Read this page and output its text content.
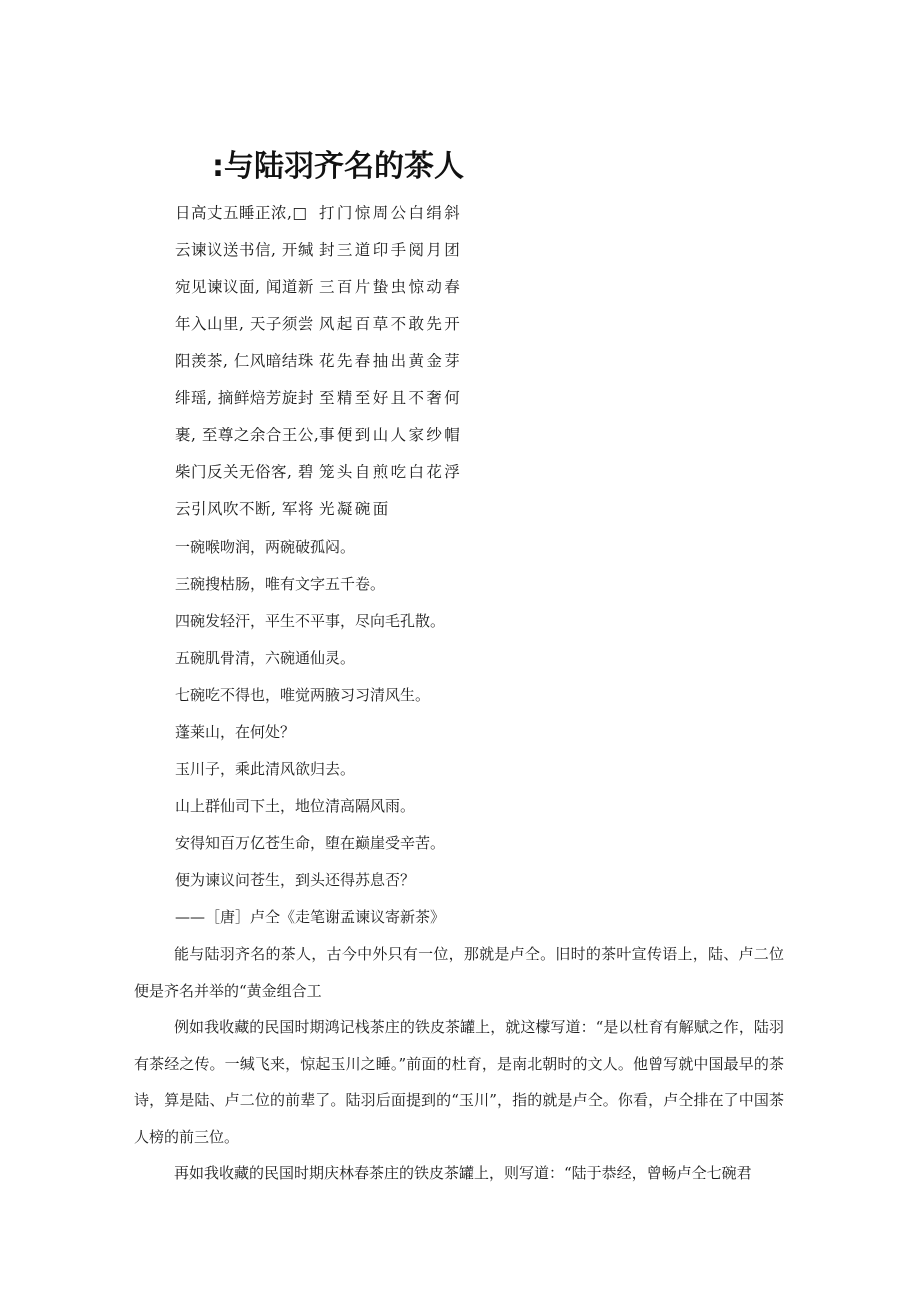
:与陆羽齐名的茶人
日高丈五睡正浓,□ 打门惊周公白绢斜
云谏议送书信, 开缄 封三道印手阅月团
宛见谏议面, 闻道新 三百片蛰虫惊动春
年入山里, 天子须尝 风起百草不敢先开
阳羡茶, 仁风暗结珠 花先春抽出黄金芽
绯瑶, 摘鲜焙芳旋封 至精至好且不奢何
裹, 至尊之余合王公,事便到山人家纱帽
柴门反关无俗客, 碧 笼头自煎吃白花浮
云引风吹不断, 军将 光凝碗面
一碗喉吻润，两碗破孤闷。
三碗搜枯肠，唯有文字五千卷。
四碗发轻汗，平生不平事，尽向毛孔散。
五碗肌骨清，六碗通仙灵。
七碗吃不得也，唯觉两腋习习清风生。
蓬莱山，在何处？
玉川子，乘此清风欲归去。
山上群仙司下土，地位清高隔风雨。
安得知百万亿苍生命，堕在巅崖受辛苦。
便为谏议问苍生，到头还得苏息否？
——［唐］卢仝《走笔谢孟谏议寄新茶》

能与陆羽齐名的茶人，古今中外只有一位，那就是卢仝。旧时的茶叶宣传语上，陆、卢二位便是齐名并举的“黄金组合工

例如我收藏的民国时期鸿记栈茶庄的铁皮茶罐上，就这檬写道：“是以杜育有解赋之作，陆羽有茶经之传。一缄飞来，惊起玉川之睡。”前面的杜育，是南北朝时的文人。他曾写就中国最早的茶诗，算是陆、卢二位的前辈了。陆羽后面提到的“玉川”，指的就是卢仝。你看，卢仝排在了中国茶人榜的前三位。

再如我收藏的民国时期庆林春茶庄的铁皮茶罐上，则写道：“陆于恭经，曾畅卢仝七碗君
